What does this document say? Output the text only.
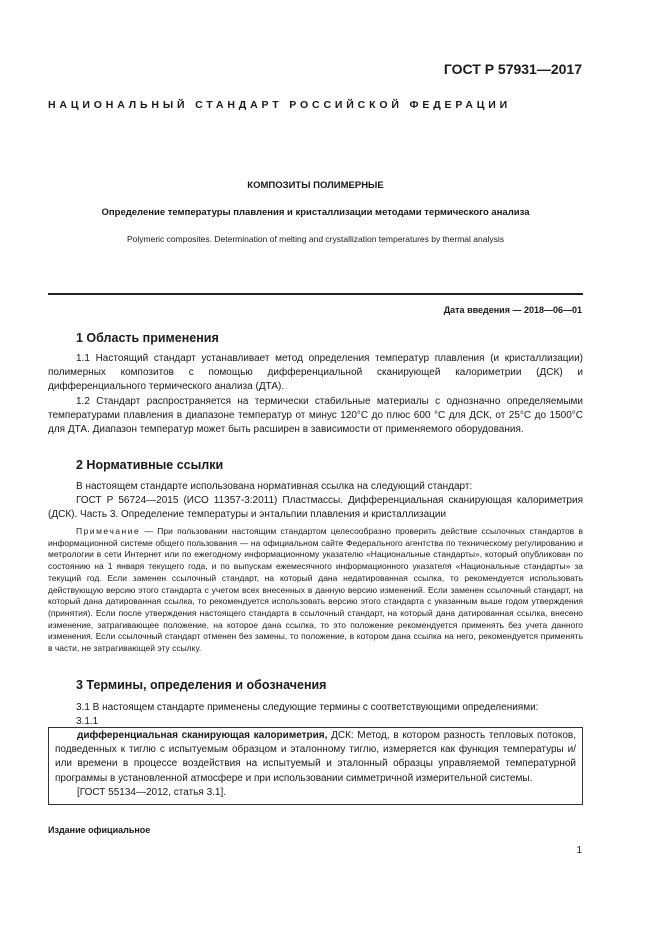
ГОСТ Р 57931—2017
НАЦИОНАЛЬНЫЙ СТАНДАРТ РОССИЙСКОЙ ФЕДЕРАЦИИ
КОМПОЗИТЫ ПОЛИМЕРНЫЕ
Определение температуры плавления и кристаллизации методами термического анализа
Polymeric composites. Determination of melting and crystallization temperatures by thermal analysis
Дата введения — 2018—06—01
1 Область применения

1.1 Настоящий стандарт устанавливает метод определения температур плавления (и кристаллизации) полимерных композитов с помощью дифференциальной сканирующей калориметрии (ДСК) и дифференциального термического анализа (ДТА).

1.2 Стандарт распространяется на термически стабильные материалы с однозначно определяемыми температурами плавления в диапазоне температур от минус 120°С до плюс 600 °С для ДСК, от 25°С до 1500°С для ДТА. Диапазон температур может быть расширен в зависимости от применяемого оборудования.

2 Нормативные ссылки

В настоящем стандарте использована нормативная ссылка на следующий стандарт:

ГОСТ Р 56724—2015 (ИСО 11357-3:2011) Пластмассы. Дифференциальная сканирующая калориметрия (ДСК). Часть 3. Определение температуры и энтальпии плавления и кристаллизации

Примечание — При пользовании настоящим стандартом целесообразно проверить действие ссылочных стандартов в информационной системе общего пользования — на официальном сайте Федерального агентства по техническому регулированию и метрологии в сети Интернет или по ежегодному информационному указателю «Национальные стандарты», который опубликован по состоянию на 1 января текущего года, и по выпускам ежемесячного информационного указателя «Национальные стандарты» за текущий год. Если заменен ссылочный стандарт, на который дана недатированная ссылка, то рекомендуется использовать действующую версию этого стандарта с учетом всех внесенных в данную версию изменений. Если заменен ссылочный стандарт, на который дана датированная ссылка, то рекомендуется использовать версию этого стандарта с указанным выше годом утверждения (принятия). Если после утверждения настоящего стандарта в ссылочный стандарт, на который дана датированная ссылка, внесено изменение, затрагивающее положение, на которое дана ссылка, то это положение рекомендуется применять без учета данного изменения. Если ссылочный стандарт отменен без замены, то положение, в котором дана ссылка на него, рекомендуется применять в части, не затрагивающей эту ссылку.
3 Термины, определения и обозначения

3.1 В настоящем стандарте применены следующие термины с соответствующими определениями:

3.1.1

дифференциальная сканирующая калориметрия, ДСК: Метод, в котором разность тепловых потоков, подведенных к тиглю с испытуемым образцом и эталонному тиглю, измеряется как функция температуры и/или времени в процессе воздействия на испытуемый и эталонный образцы управляемой температурной программы в установленной атмосфере и при использовании симметричной измерительной системы.

[ГОСТ 55134—2012, статья 3.1].

Издание официальное
1
